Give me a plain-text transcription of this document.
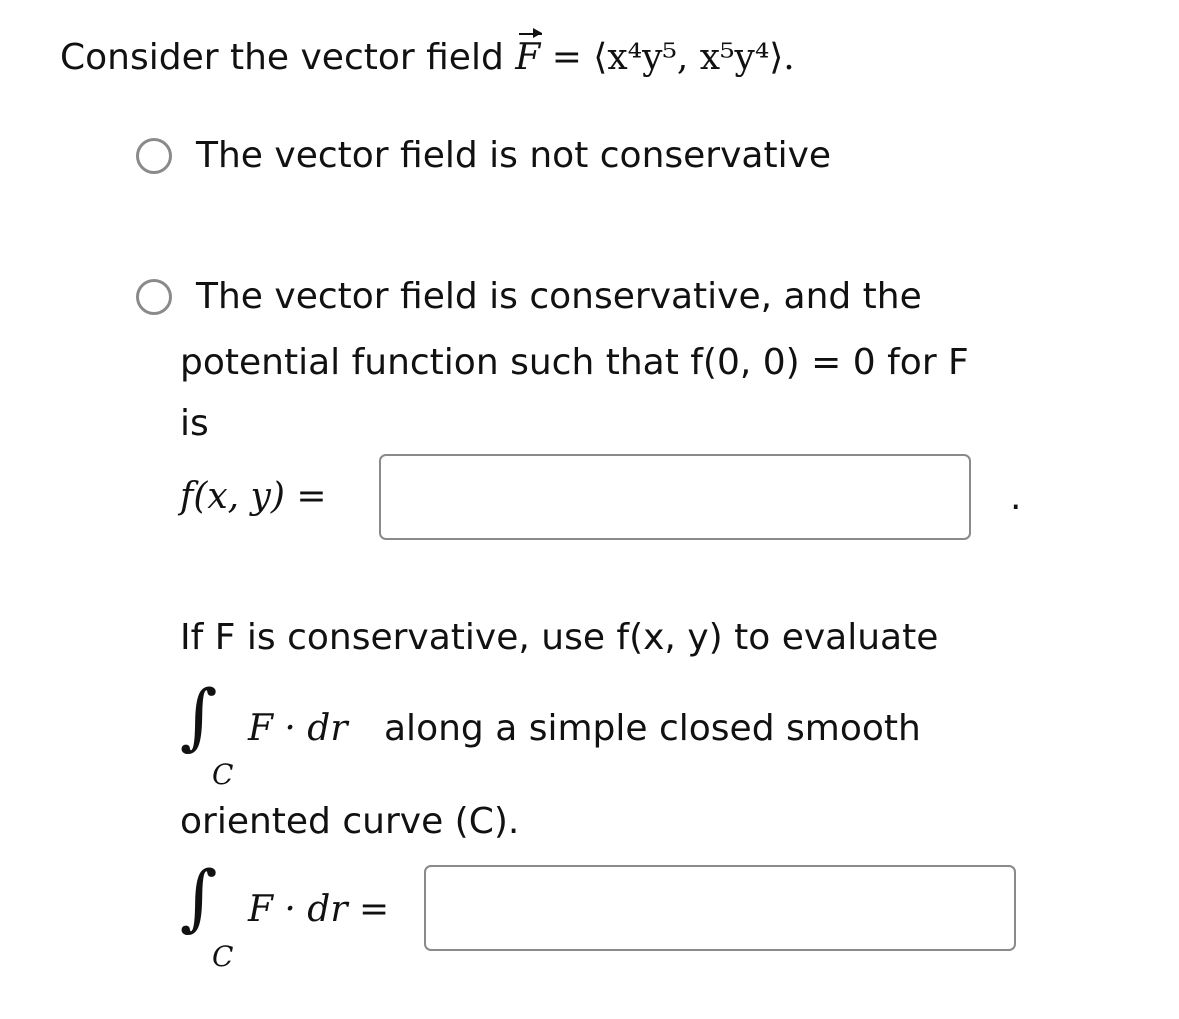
Consider the vector field F = ⟨x⁴y⁵, x⁵y⁴⟩.
The vector field is not conservative
The vector field is conservative, and the
potential function such that f(0, 0) = 0 for F
is
f(x, y) =	.
If F is conservative, use f(x, y) to evaluate
∫
C
F · dr along a simple closed smooth
oriented curve (C).
∫
C
F · dr =
